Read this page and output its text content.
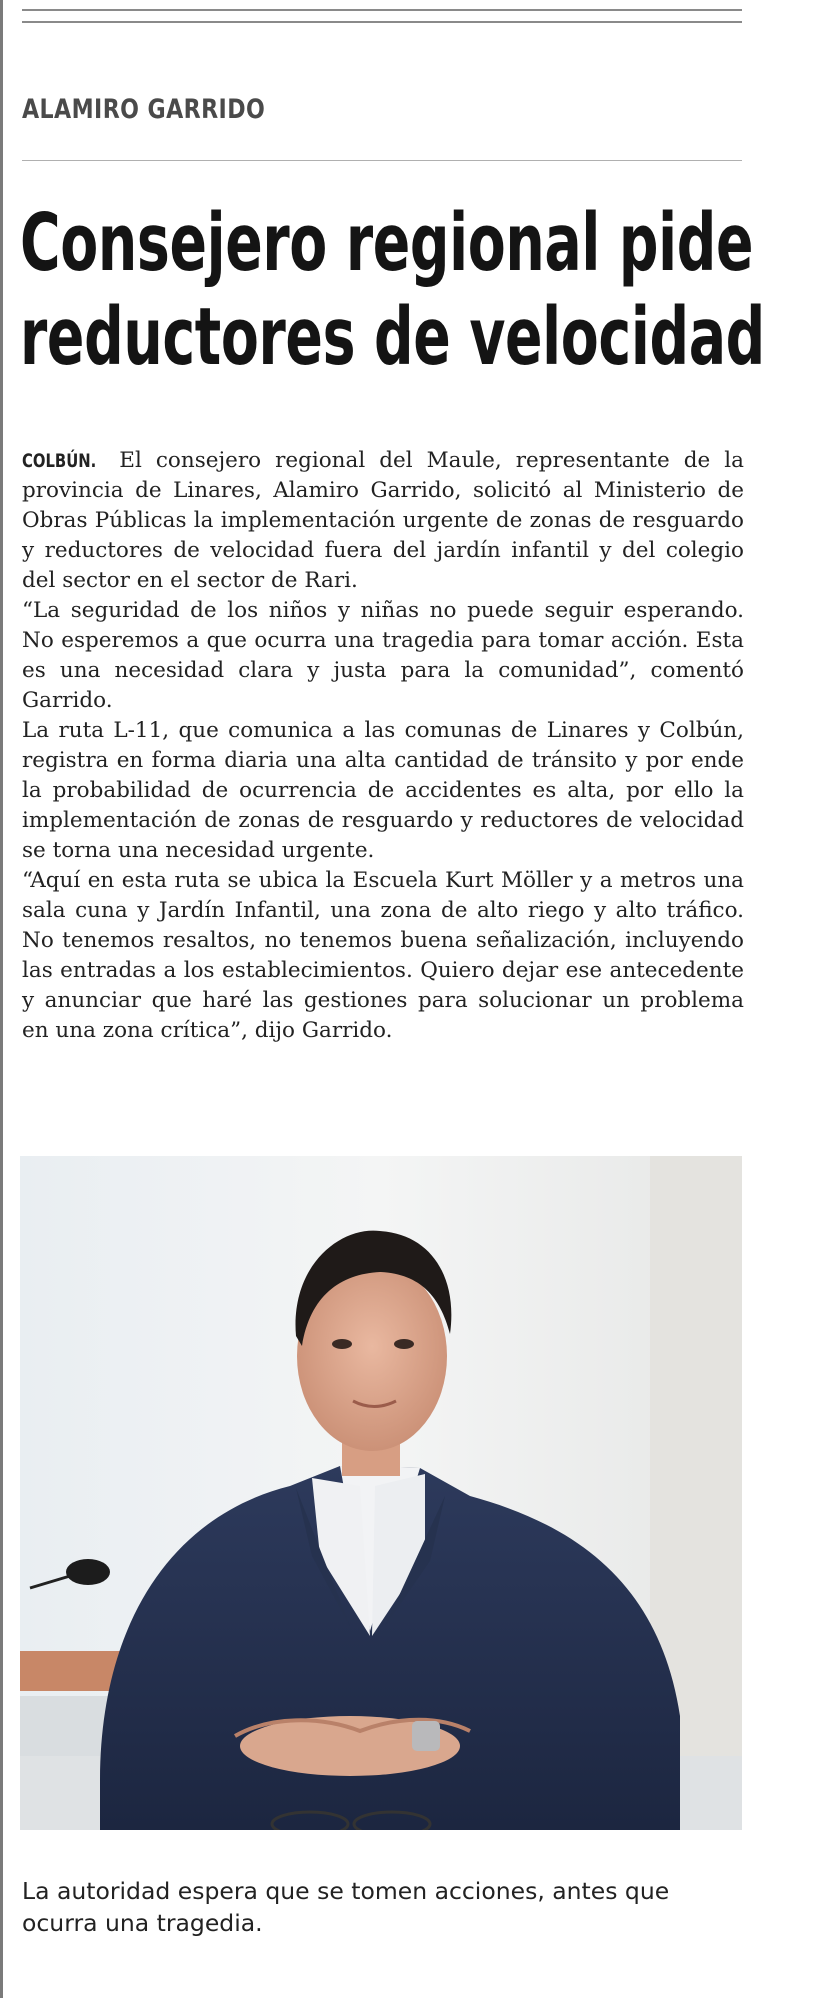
ALAMIRO GARRIDO
Consejero regional pide
reductores de velocidad

COLBÚN. El consejero regional del Maule, representante de la provincia de Linares, Alamiro Garrido, solicitó al Ministerio de Obras Públicas la implementación urgente de zonas de resguardo y reductores de velocidad fuera del jardín infantil y del colegio del sector en el sector de Rari.

“La seguridad de los niños y niñas no puede seguir esperando. No esperemos a que ocurra una tragedia para tomar acción. Esta es una necesidad clara y justa para la comunidad”, comentó Garrido.

La ruta L-11, que comunica a las comunas de Linares y Colbún, registra en forma diaria una alta cantidad de tránsito y por ende la probabilidad de ocurrencia de accidentes es alta, por ello la implementación de zonas de resguardo y reductores de velocidad se torna una necesidad urgente.

“Aquí en esta ruta se ubica la Escuela Kurt Möller y a metros una sala cuna y Jardín Infantil, una zona de alto riego y alto tráfico. No tenemos resaltos, no tenemos buena señalización, incluyendo las entradas a los establecimientos. Quiero dejar ese antecedente y anunciar que haré las gestiones para solucionar un problema en una zona crítica”, dijo Garrido.

La autoridad espera que se tomen acciones, antes que ocurra una tragedia.
